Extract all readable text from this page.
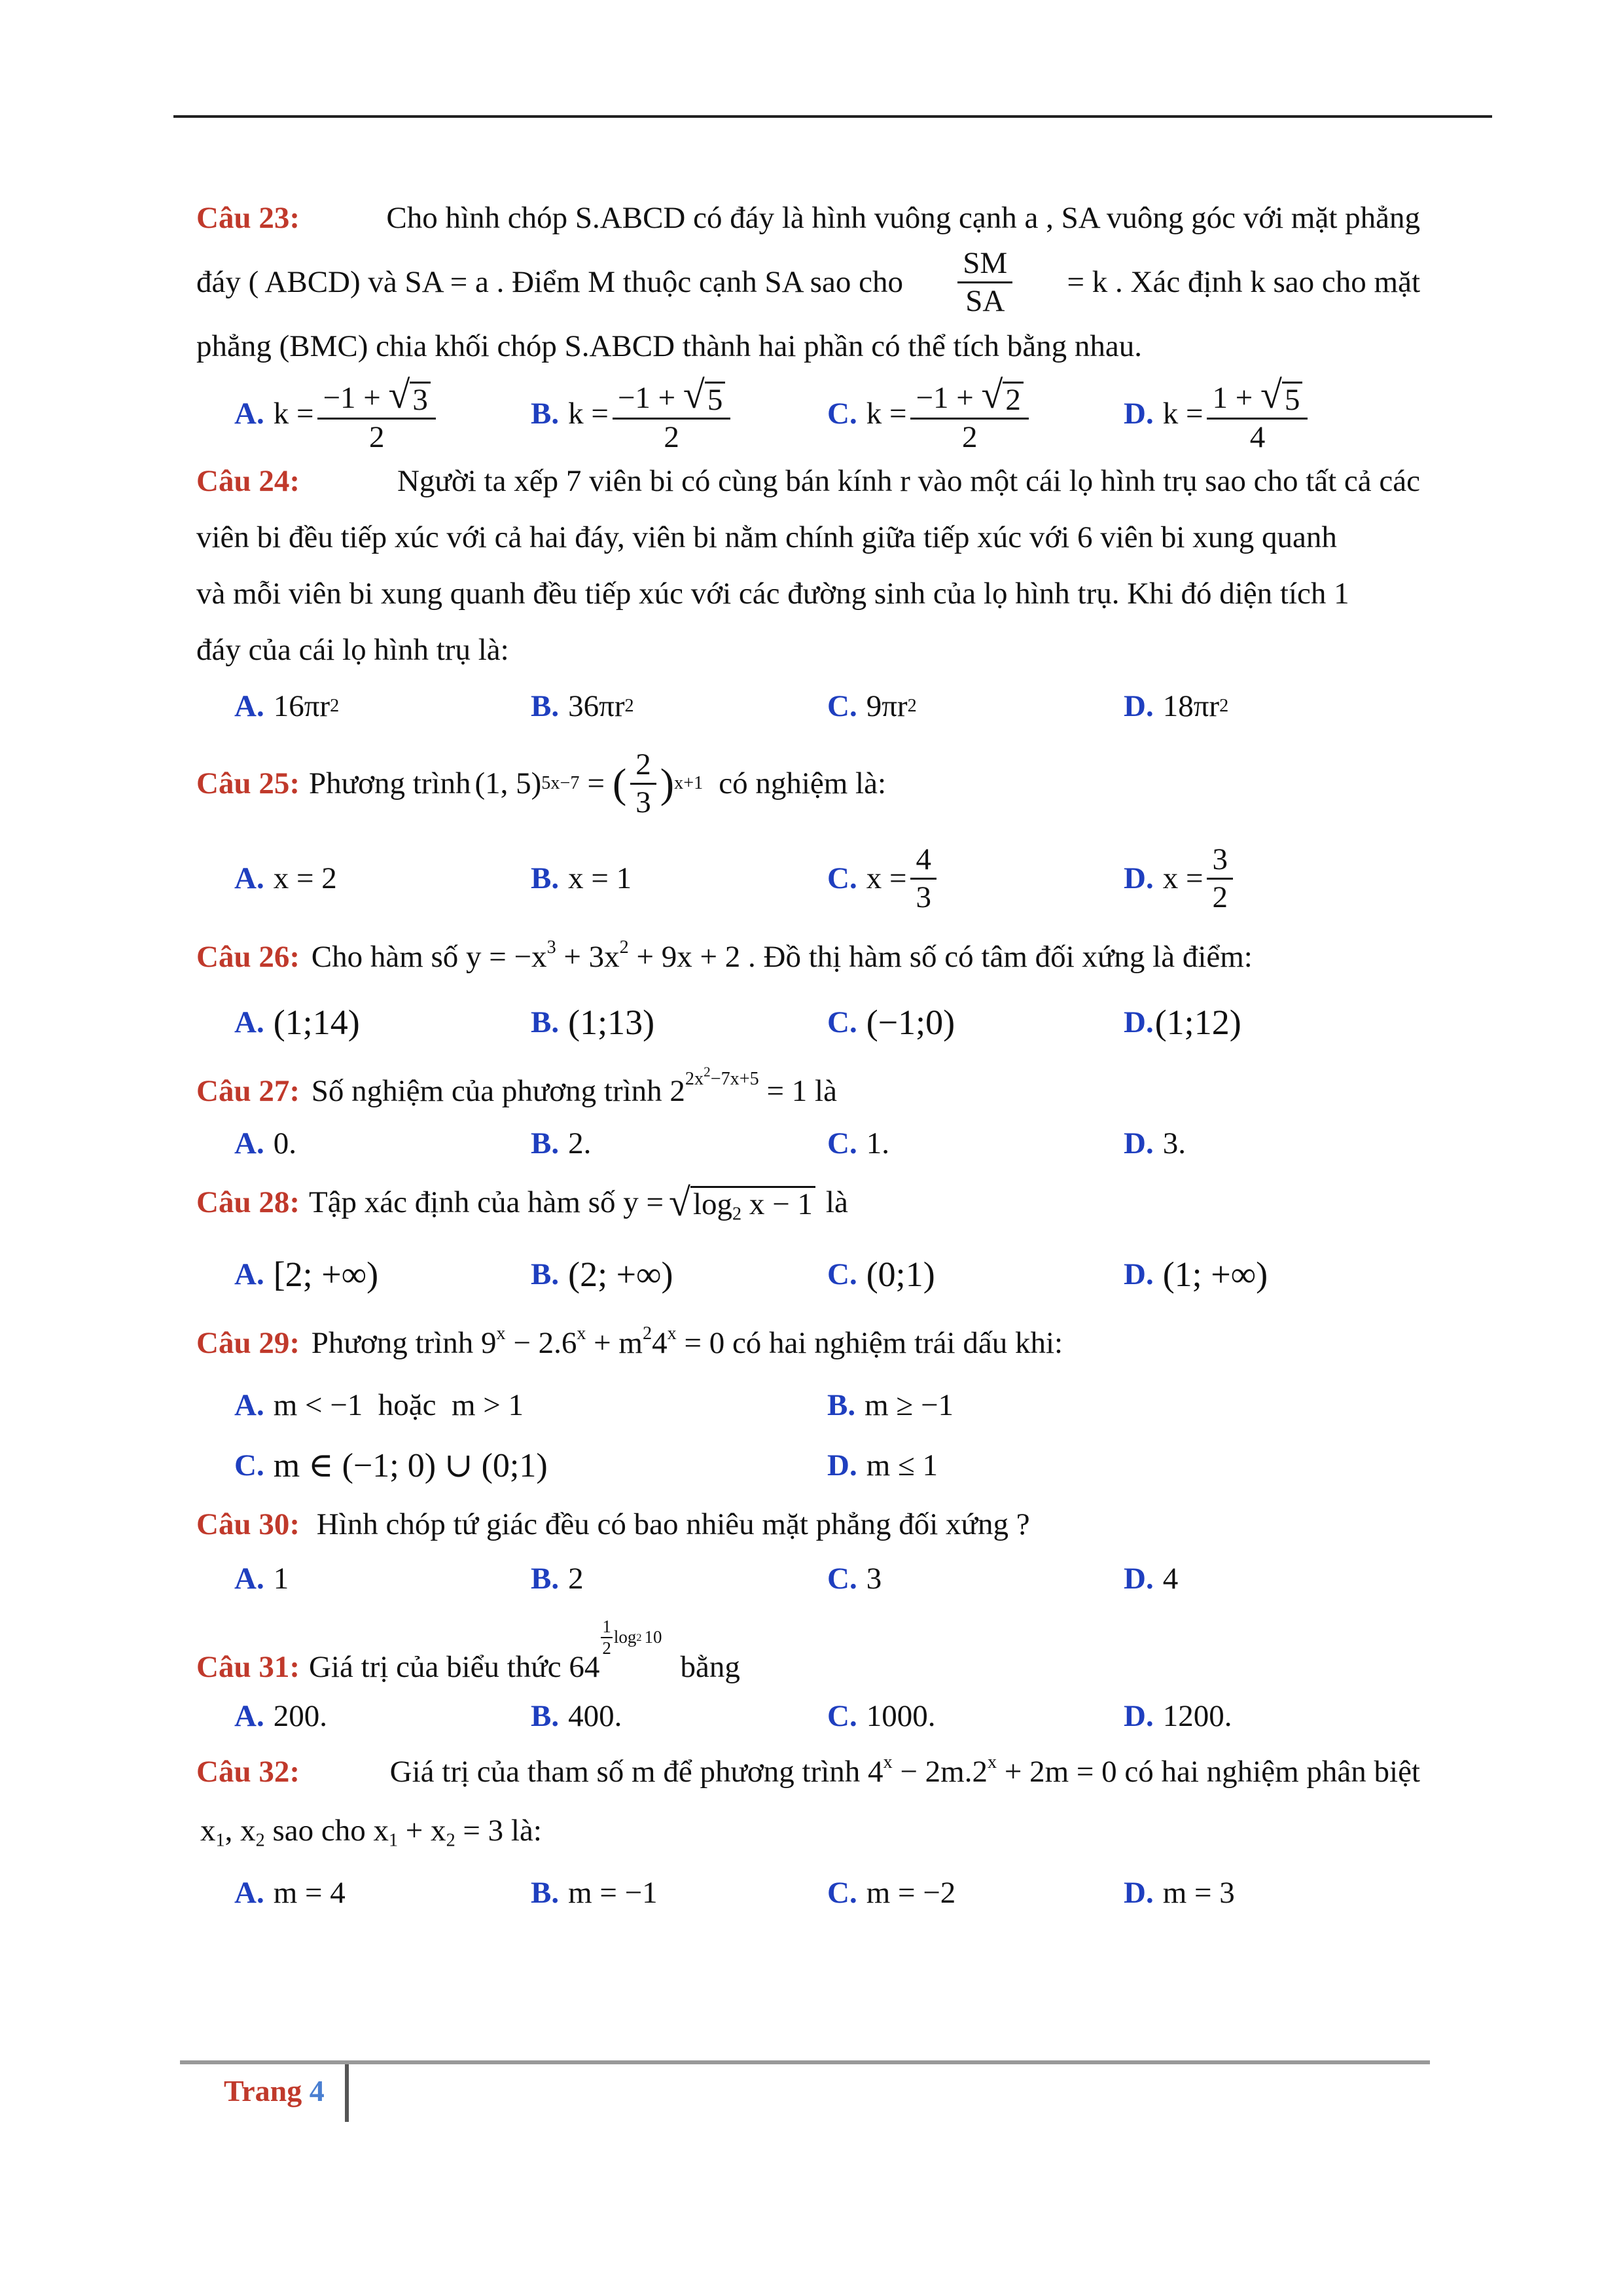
Câu 23:	Cho hình chóp S.ABCD có đáy là hình vuông cạnh a , SA vuông góc với mặt phẳng
đáy ( ABCD) và SA = a . Điểm M thuộc cạnh SA sao cho $\frac{SM}{SA} = k$ . Xác định k sao cho mặt
phẳng (BMC) chia khối chóp S.ABCD thành hai phần có thể tích bằng nhau.
A. $k = \frac{-1 + √ 3}{2}$	B. $k = \frac{-1 + √ 5}{2}$	C. $k = \frac{-1 + √ 2}{2}$	D. $k = \frac{1 + √ 5}{4}$
Câu 24:	Người ta xếp 7 viên bi có cùng bán kính r vào một cái lọ hình trụ sao cho tất cả các
viên bi đều tiếp xúc với cả hai đáy, viên bi nằm chính giữa tiếp xúc với 6 viên bi xung quanh
và mỗi viên bi xung quanh đều tiếp xúc với các đường sinh của lọ hình trụ. Khi đó diện tích 1
đáy của cái lọ hình trụ là:
A. 16πr 2	B. 36πr 2	C. 9πr 2	D. 18πr 2
Câu 25: Phương trình (1, 5) 5x−7 = ( $\frac{2}{3}$ ) x+1 có nghiệm là:
A. x = 2	B. x = 1	C. $x = \frac{4}{3}$	D. $x = \frac{3}{2}$
Câu 26: Cho hàm số $y = -x^3 + 3x^2 + 9x + 2$ . Đồ thị hàm số có tâm đối xứng là điểm:
A. (1;14)	B. (1;13)	C. (−1;0)	D. (1;12)
Câu 27: Số nghiệm của phương trình $2^{2x^2-7x+5} = 1$ là
A. 0.	B. 2.	C. 1.	D. 3.
Câu 28: Tập xác định của hàm số y = √ $\log_2 x - 1$ là
A. [2; +∞)	B. (2; +∞)	C. (0;1)	D. (1; +∞)
Câu 29: Phương trình $9^x - 2.6^x + m^24^x = 0$ có hai nghiệm trái dấu khi:
A. m < −1  hoặc  m > 1	B. m ≥ −1
C. m ∈ (−1; 0) ∪ (0;1)	D. m ≤ 1
Câu 30: Hình chóp tứ giác đều có bao nhiêu mặt phẳng đối xứng ?
A. 1	B. 2	C. 3	D. 4
Câu 31: Giá trị của biểu thức 64
$\frac{1}{2}$ log 2 10
bằng
A. 200.	B. 400.	C. 1000.	D. 1200.
Câu 32:	Giá trị của tham số m để phương trình $4^x - 2m.2^x + 2m = 0$ có hai nghiệm phân biệt
$x_1$, $x_2$ sao cho $x_1 + x_2 = 3$ là:
A. m = 4	B. m = −1	C. m = −2	D. m = 3
Trang 4
